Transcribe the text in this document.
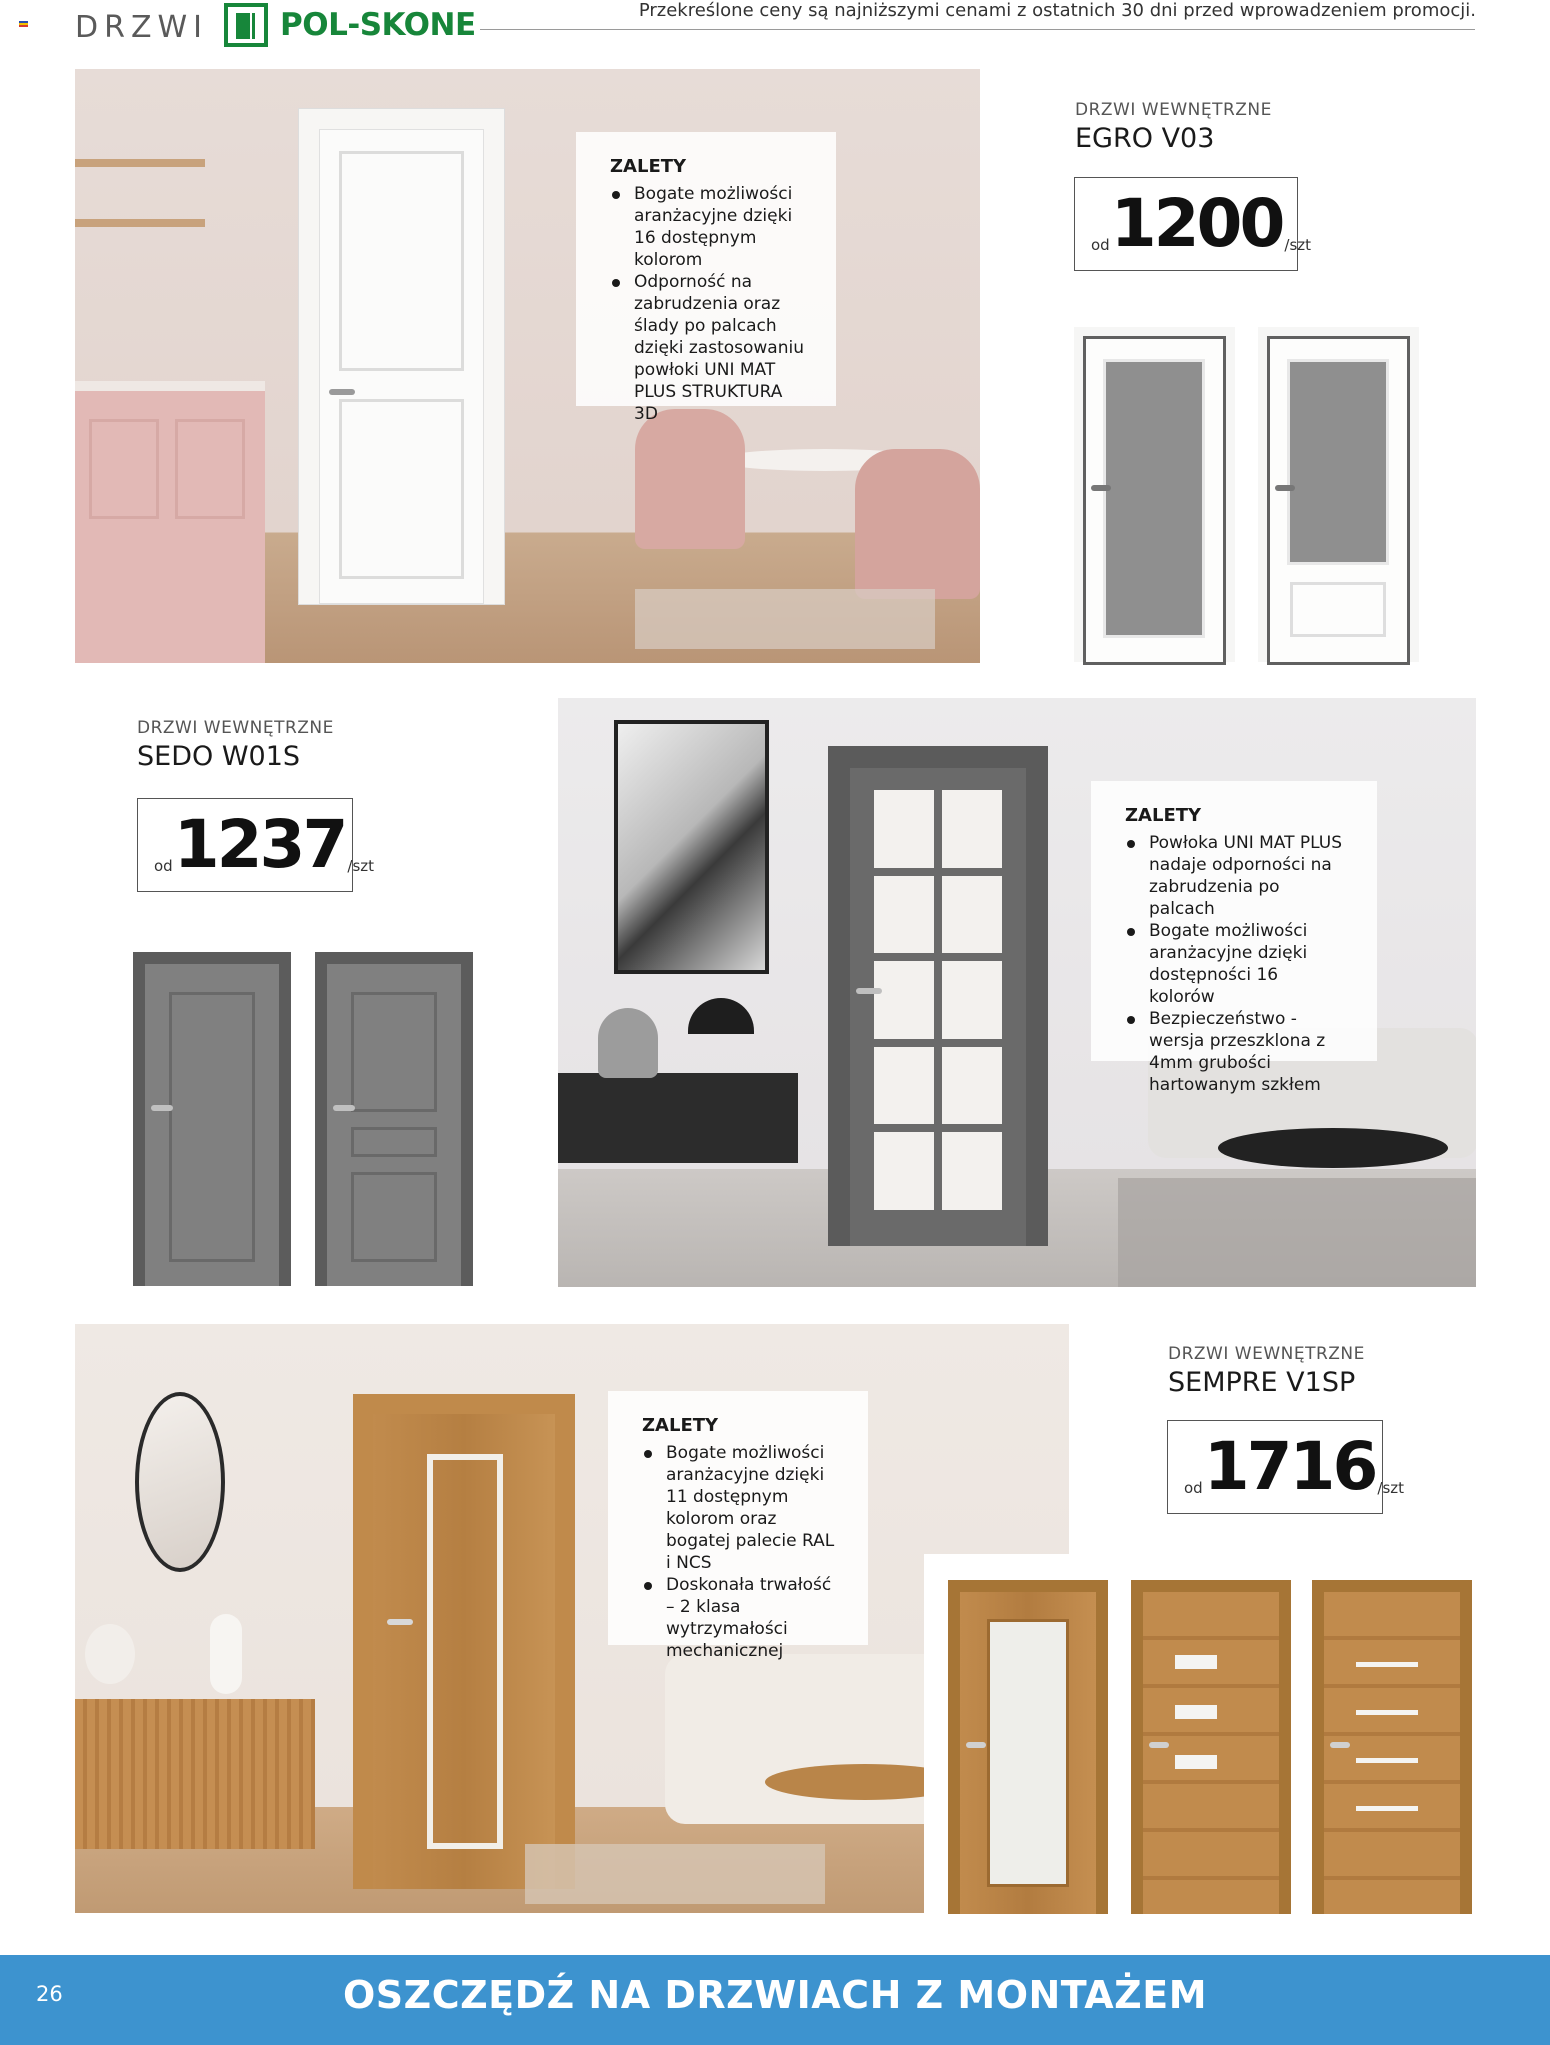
DRZWI POL-SKONE	Przekreślone ceny są najniższymi cenami z ostatnich 30 dni przed wprowadzeniem promocji.
ZALETY
Bogate możliwości aranżacyjne dzięki 16 dostępnym kolorom
Odporność na zabrudzenia oraz ślady po palcach dzięki zastosowaniu powłoki UNI MAT PLUS STRUKTURA 3D
DRZWI WEWNĘTRZNE
EGRO V03
od 1200 /szt
DRZWI WEWNĘTRZNE
SEDO W01S
od 1237 /szt
ZALETY
Powłoka UNI MAT PLUS nadaje odporności na zabrudzenia po palcach
Bogate możliwości aranżacyjne dzięki dostępności 16 kolorów
Bezpieczeństwo - wersja przeszklona z 4mm grubości hartowanym szkłem
ZALETY
Bogate możliwości aranżacyjne dzięki 11 dostępnym kolorom oraz bogatej palecie RAL i NCS
Doskonała trwałość – 2 klasa wytrzymałości mechanicznej
DRZWI WEWNĘTRZNE
SEMPRE V1SP
od 1716 /szt
26	OSZCZĘDŹ NA DRZWIACH Z MONTAŻEM
